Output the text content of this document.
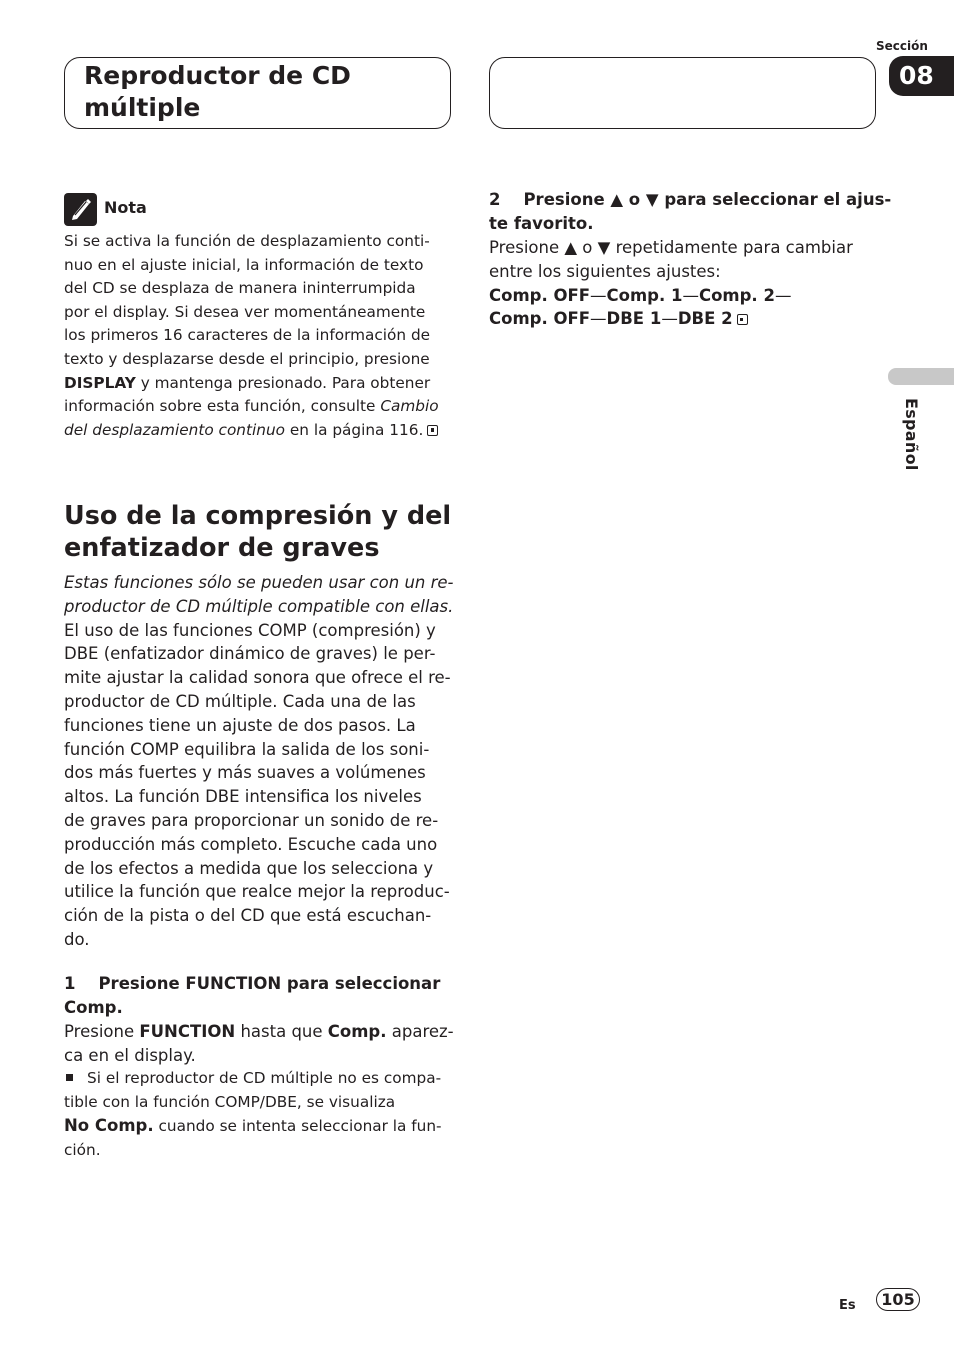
Reproductor de CD
múltiple
Sección
08
Español
Nota
Si se activa la función de desplazamiento conti-
nuo en el ajuste inicial, la información de texto
del CD se desplaza de manera ininterrumpida
por el display. Si desea ver momentáneamente
los primeros 16 caracteres de la información de
texto y desplazarse desde el principio, presione
DISPLAY y mantenga presionado. Para obtener
información sobre esta función, consulte Cambio
del desplazamiento continuo en la página 116.
Uso de la compresión y del
enfatizador de graves
Estas funciones sólo se pueden usar con un re-
productor de CD múltiple compatible con ellas.
El uso de las funciones COMP (compresión) y
DBE (enfatizador dinámico de graves) le per-
mite ajustar la calidad sonora que ofrece el re-
productor de CD múltiple. Cada una de las
funciones tiene un ajuste de dos pasos. La
función COMP equilibra la salida de los soni-
dos más fuertes y más suaves a volúmenes
altos. La función DBE intensifica los niveles
de graves para proporcionar un sonido de re-
producción más completo. Escuche cada uno
de los efectos a medida que los selecciona y
utilice la función que realce mejor la reproduc-
ción de la pista o del CD que está escuchan-
do.
1    Presione FUNCTION para seleccionar
Comp.
Presione FUNCTION hasta que Comp. aparez-
ca en el display.
Si el reproductor de CD múltiple no es compa-
tible con la función COMP/DBE, se visualiza
No Comp. cuando se intenta seleccionar la fun-
ción.
2    Presione ▲ o ▼ para seleccionar el ajus-
te favorito.
Presione ▲ o ▼ repetidamente para cambiar
entre los siguientes ajustes:
Comp. OFF—Comp. 1—Comp. 2—
Comp. OFF—DBE 1—DBE 2
Es	105
